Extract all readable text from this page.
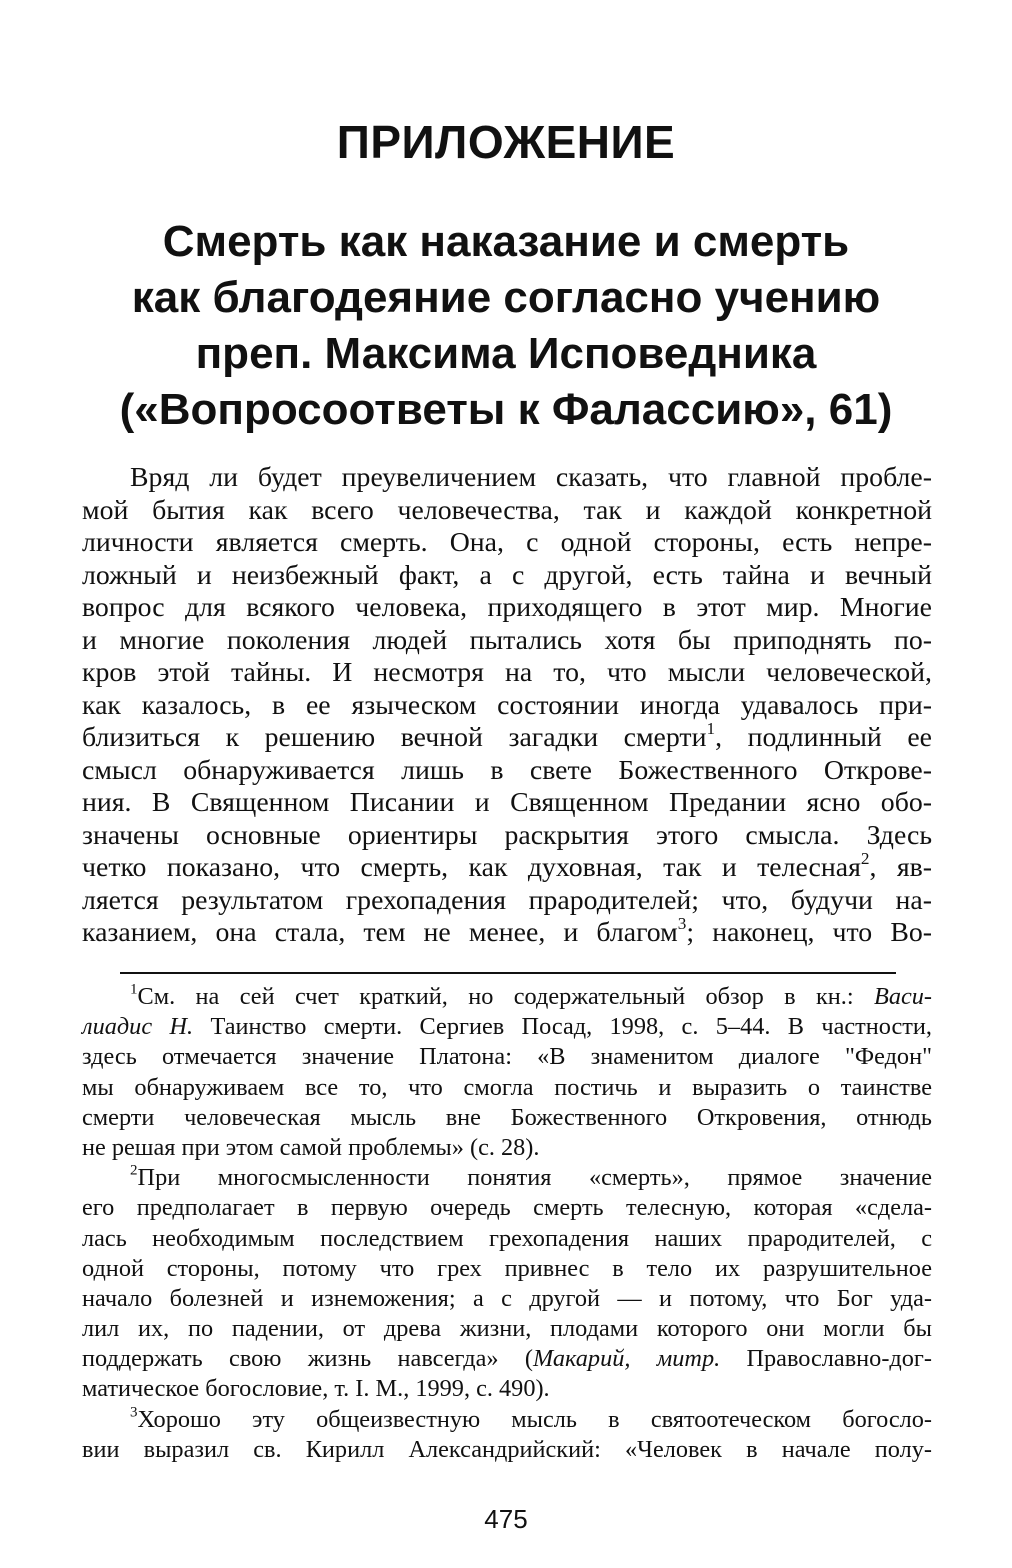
ПРИЛОЖЕНИЕ
Смерть как наказание и смерть
как благодеяние согласно учению
преп. Максима Исповедника
(«Вопросоответы к Фалассию», 61)
Вряд ли будет преувеличением сказать, что главной пробле-
мой бытия как всего человечества, так и каждой конкретной
личности является смерть. Она, с одной стороны, есть непре-
ложный и неизбежный факт, а с другой, есть тайна и вечный
вопрос для всякого человека, приходящего в этот мир. Многие
и многие поколения людей пытались хотя бы приподнять по-
кров этой тайны. И несмотря на то, что мысли человеческой,
как казалось, в ее языческом состоянии иногда удавалось при-
близиться к решению вечной загадки смерти$^1$, подлинный ее
смысл обнаруживается лишь в свете Божественного Открове-
ния. В Священном Писании и Священном Предании ясно обо-
значены основные ориентиры раскрытия этого смысла. Здесь
четко показано, что смерть, как духовная, так и телесная$^2$, яв-
ляется результатом грехопадения прародителей; что, будучи на-
казанием, она стала, тем не менее, и благом$^3$; наконец, что Во-
$^1$См. на сей счет краткий, но содержательный обзор в кн.: Васи-
лиадис Н. Таинство смерти. Сергиев Посад, 1998, с. 5–44. В частности,
здесь отмечается значение Платона: «В знаменитом диалоге "Федон"
мы обнаруживаем все то, что смогла постичь и выразить о таинстве
смерти человеческая мысль вне Божественного Откровения, отнюдь
не решая при этом самой проблемы» (с. 28).
$^2$При многосмысленности понятия «смерть», прямое значение
его предполагает в первую очередь смерть телесную, которая «сдела-
лась необходимым последствием грехопадения наших прародителей, с
одной стороны, потому что грех привнес в тело их разрушительное
начало болезней и изнеможения; а с другой — и потому, что Бог уда-
лил их, по падении, от древа жизни, плодами которого они могли бы
поддержать свою жизнь навсегда» (Макарий, митр. Православно-дог-
матическое богословие, т. I. М., 1999, с. 490).
$^3$Хорошо эту общеизвестную мысль в святоотеческом богосло-
вии выразил св. Кирилл Александрийский: «Человек в начале полу-
475
